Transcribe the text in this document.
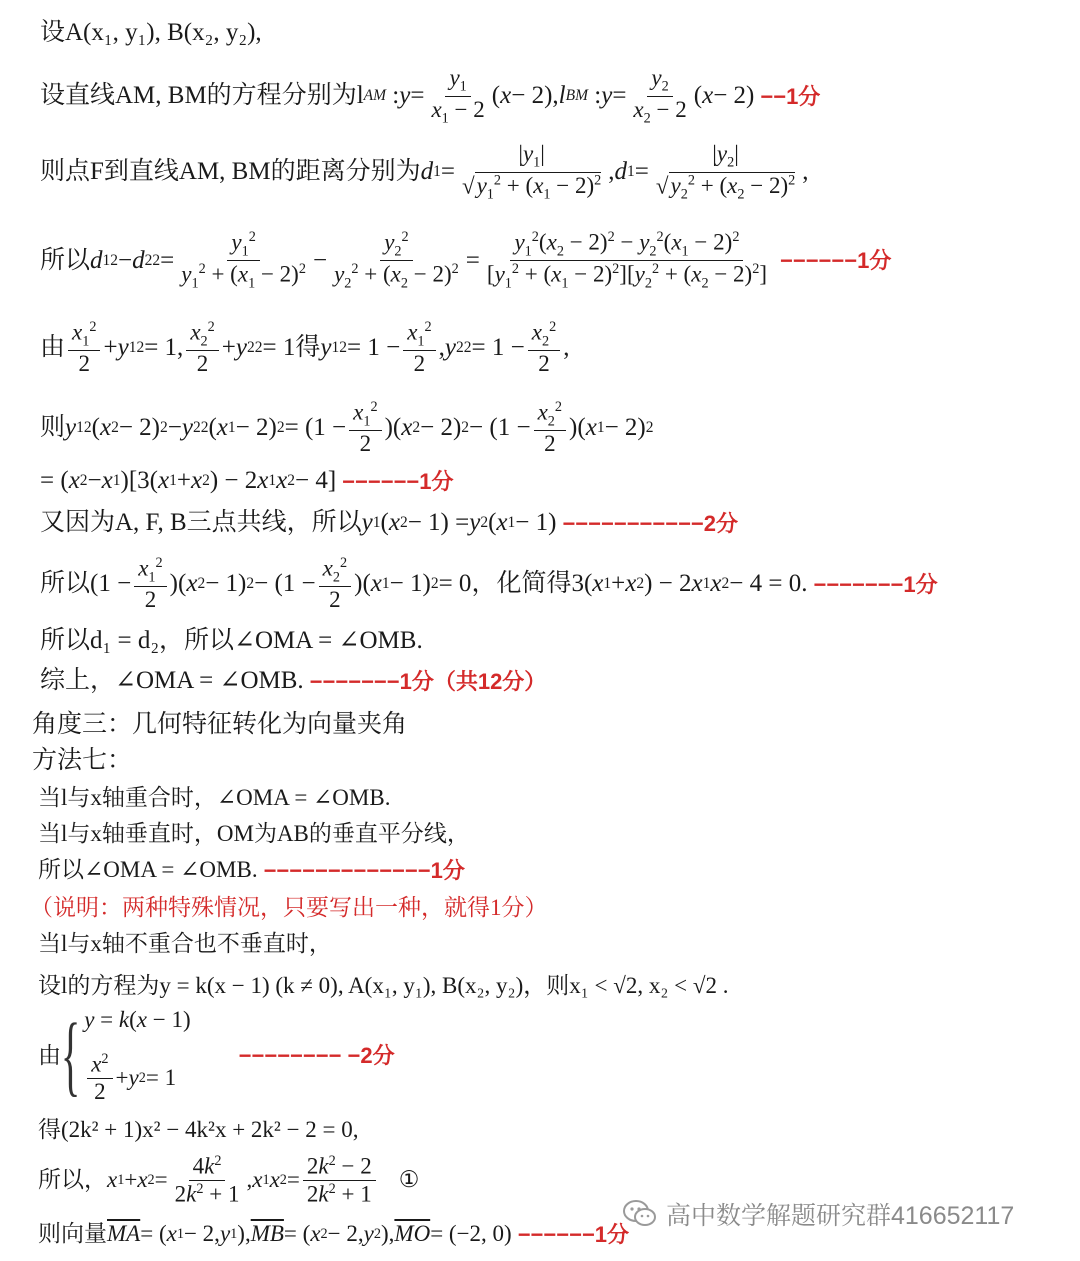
设A(x₁, y₁), B(x₂, y₂),
设直线AM, BM的方程分别为l AM : $y = \frac{y_1}{x_1 - 2}$ ( x − 2), l BM : $y = \frac{y_2}{x_2 - 2}$ ( x − 2) −−1分
则点F到直线AM, BM的距离分别为 d $1 = \frac{|y_1|}{√y_1^2 + (x_1 - 2)^2}$ , d $1 = \frac{|y_2|}{√y_2^2 + (x_2 - 2)^2}$ ,
所以 d 1 2 − d 2 $2 = \frac{y_1^2}{y_1^2 + (x_1 - 2)^2} - \frac{y_2^2}{y_2^2 + (x_2 - 2)^2} = \frac{y_1^2(x_2 - 2)^2 - y_2^2(x_1 - 2)^2}{[y_1^2 + (x_1 - 2)^2][y_2^2 + (x_2 - 2)^2]} ------1$分
由 $\frac{x_1^2}{2} + y$ 1 2 = 1, $\frac{x_2^2}{2} + y$ 2 2 = 1 得 y 1 $2 = 1 - \frac{x_1^2}{2}$ , y 2 $2 = 1 - \frac{x_2^2}{2}$ ,
则 y 1 2 ( x 2 − 2) 2 − y 2 2 ( x 1 − 2) $2 = (1 - \frac{x_1^2}{2}$ )( x 2 − 2) $2 - (1 - \frac{x_2^2}{2}$ )( x 1 − 2) 2
= ( x 2 − x 1 )[3( x 1 + x 2 ) − 2 x 1 x 2 − 4] −−−−−−1分
又因为A, F, B三点共线，所以 y 1 ( x 2 − 1) = y 2 ( x 1 − 1) −−−−−−−−−−−2分
所以 ($1 - \frac{x_1^2}{2}$ )( x 2 − 1) $2 - (1 - \frac{x_2^2}{2}$ )( x 1 − 1) 2 = 0 ，化简得 3( x 1 + x 2 ) − 2 x 1 x 2 − 4 = 0. −−−−−−−1分
所以d₁ = d₂，所以∠OMA = ∠OMB.
综上，∠OMA = ∠OMB. −−−−−−−1分（共12分）
角度三：几何特征转化为向量夹角
方法七：
当l与x轴重合时，∠OMA = ∠OMB.
当l与x轴垂直时，OM为AB的垂直平分线，
所以∠OMA = ∠OMB. −−−−−−−−−−−−−1分
（说明：两种特殊情况，只要写出一种，就得1分）
当l与x轴不重合也不垂直时，
设l的方程为y = k(x − 1) (k ≠ 0), A(x₁, y₁), B(x₂, y₂)，则x₁ < √2, x₂ < √2 .
由 { y = k(x − 1)
$\frac{x^2}{2} + y$ 2 = 1
−−−−−−−− −2分
得(2k² + 1)x² − 4k²x + 2k² − 2 = 0,
所以， x 1 + x $2 = \frac{4k^2}{2k^2 + 1}$ , x 1 x $2 = \frac{2k^2 - 2}{2k^2 + 1}$ ①
则向量 $\overline{MA}$ = ( x 1 − 2, y 1 ), $\overline{MB}$ = ( x 2 − 2, y 2 ), $\overline{MO} = (-2$, 0) −−−−−−1分
高中数学解题研究群416652117
